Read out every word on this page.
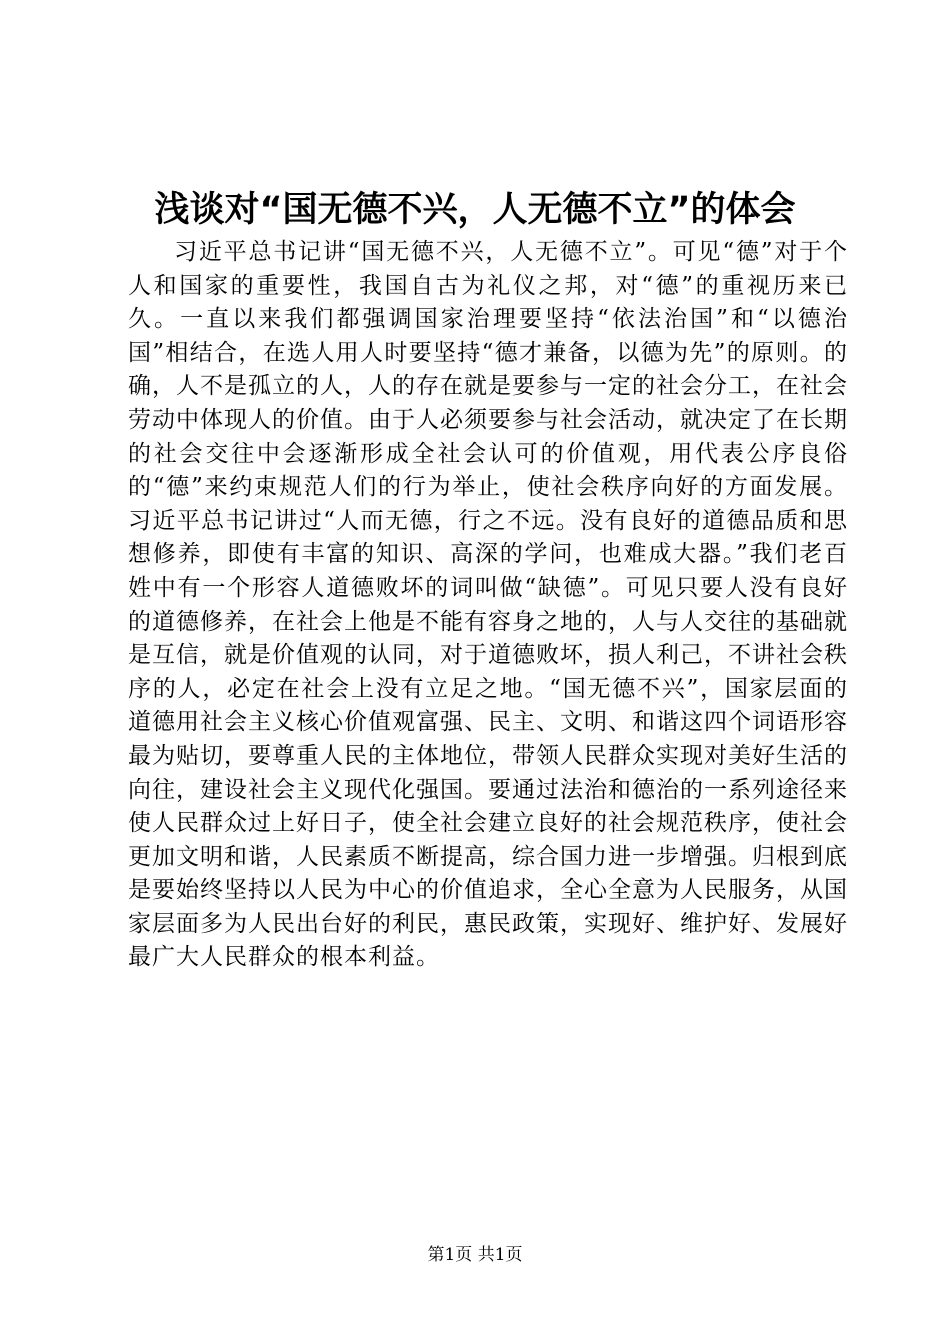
浅谈对“国无德不兴，人无德不立”的体会

习近平总书记讲“国无德不兴，人无德不立”。可见“德”对于个人和国家的重要性，我国自古为礼仪之邦，对“德”的重视历来已久。一直以来我们都强调国家治理要坚持“依法治国”和“以德治国”相结合，在选人用人时要坚持“德才兼备，以德为先”的原则。的确，人不是孤立的人，人的存在就是要参与一定的社会分工，在社会劳动中体现人的价值。由于人必须要参与社会活动，就决定了在长期的社会交往中会逐渐形成全社会认可的价值观，用代表公序良俗的“德”来约束规范人们的行为举止，使社会秩序向好的方面发展。习近平总书记讲过“人而无德，行之不远。没有良好的道德品质和思想修养，即使有丰富的知识、高深的学问，也难成大器。”我们老百姓中有一个形容人道德败坏的词叫做“缺德”。可见只要人没有良好的道德修养，在社会上他是不能有容身之地的，人与人交往的基础就是互信，就是价值观的认同，对于道德败坏，损人利己，不讲社会秩序的人，必定在社会上没有立足之地。“国无德不兴”，国家层面的道德用社会主义核心价值观富强、民主、文明、和谐这四个词语形容最为贴切，要尊重人民的主体地位，带领人民群众实现对美好生活的向往，建设社会主义现代化强国。要通过法治和德治的一系列途径来使人民群众过上好日子，使全社会建立良好的社会规范秩序，使社会更加文明和谐，人民素质不断提高，综合国力进一步增强。归根到底是要始终坚持以人民为中心的价值追求，全心全意为人民服务，从国家层面多为人民出台好的利民，惠民政策，实现好、维护好、发展好最广大人民群众的根本利益。

第1页 共1页
